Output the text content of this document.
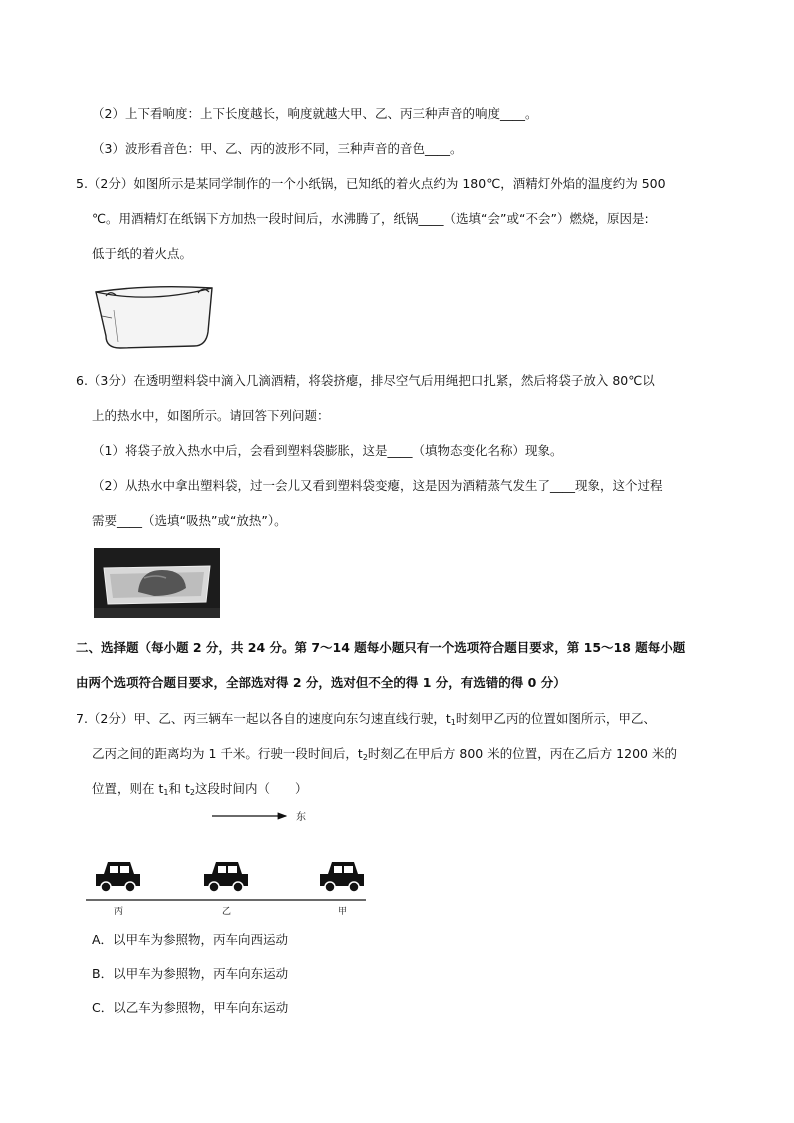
（2）上下看响度：上下长度越长，响度就越大甲、乙、丙三种声音的响度____。
（3）波形看音色：甲、乙、丙的波形不同，三种声音的音色____。
5.（2分）如图所示是某同学制作的一个小纸锅，已知纸的着火点约为 180℃，酒精灯外焰的温度约为 500
℃。用酒精灯在纸锅下方加热一段时间后，水沸腾了，纸锅____（选填“会”或“不会”）燃烧，原因是:
低于纸的着火点。
6.（3分）在透明塑料袋中滴入几滴酒精，将袋挤瘪，排尽空气后用绳把口扎紧，然后将袋子放入 80℃以
上的热水中，如图所示。请回答下列问题：
（1）将袋子放入热水中后，会看到塑料袋膨胀，这是____（填物态变化名称）现象。
（2）从热水中拿出塑料袋，过一会儿又看到塑料袋变瘪，这是因为酒精蒸气发生了____现象，这个过程
需要____（选填“吸热”或“放热”）。
二、选择题（每小题 2 分，共 24 分。第 7～14 题每小题只有一个选项符合题目要求，第 15～18 题每小题
由两个选项符合题目要求，全部选对得 2 分，选对但不全的得 1 分，有选错的得 0 分）
7.（2分）甲、乙、丙三辆车一起以各自的速度向东匀速直线行驶，$t_1$时刻甲乙丙的位置如图所示，甲乙、
乙丙之间的距离均为 1 千米。行驶一段时间后，$t_2$时刻乙在甲后方 800 米的位置，丙在乙后方 1200 米的
位置，则在 $t_1$和 $t_2$这段时间内（　　）
东
丙	乙	甲
A．以甲车为参照物，丙车向西运动
B．以甲车为参照物，丙车向东运动
C．以乙车为参照物，甲车向东运动
